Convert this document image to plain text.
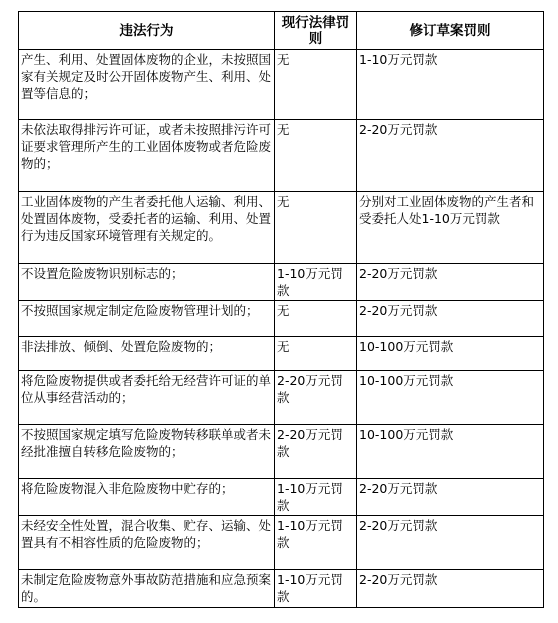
违法行为	现行法律罚则	修订草案罚则
产生、利用、处置固体废物的企业，未按照国家有关规定及时公开固体废物产生、利用、处置等信息的；	无	1-10万元罚款
未依法取得排污许可证，或者未按照排污许可证要求管理所产生的工业固体废物或者危险废物的；	无	2-20万元罚款
工业固体废物的产生者委托他人运输、利用、处置固体废物，受委托者的运输、利用、处置行为违反国家环境管理有关规定的。	无	分别对工业固体废物的产生者和受委托人处1-10万元罚款
不设置危险废物识别标志的；	1-10万元罚款	2-20万元罚款
不按照国家规定制定危险废物管理计划的；	无	2-20万元罚款
非法排放、倾倒、处置危险废物的；	无	10-100万元罚款
将危险废物提供或者委托给无经营许可证的单位从事经营活动的；	2-20万元罚款	10-100万元罚款
不按照国家规定填写危险废物转移联单或者未经批准擅自转移危险废物的；	2-20万元罚款	10-100万元罚款
将危险废物混入非危险废物中贮存的；	1-10万元罚款	2-20万元罚款
未经安全性处置，混合收集、贮存、运输、处置具有不相容性质的危险废物的；	1-10万元罚款	2-20万元罚款
未制定危险废物意外事故防范措施和应急预案的。	1-10万元罚款	2-20万元罚款
